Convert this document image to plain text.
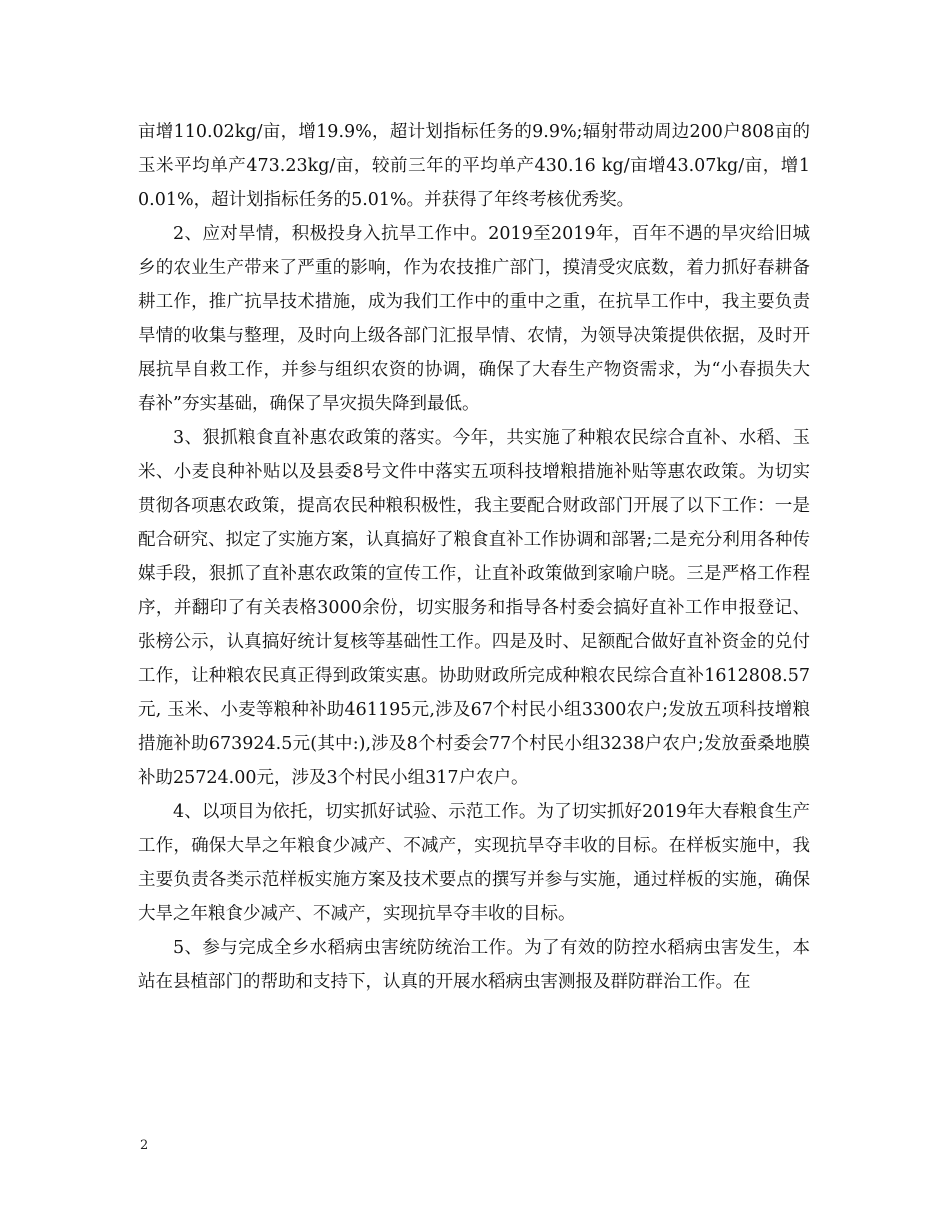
亩增110.02kg/亩，增19.9%，超计划指标任务的9.9%;辐射带动周边200户808亩的玉米平均单产473.23kg/亩，较前三年的平均单产430.16 kg/亩增43.07kg/亩，增10.01%，超计划指标任务的5.01%。并获得了年终考核优秀奖。

2、应对旱情，积极投身入抗旱工作中。2019至2019年，百年不遇的旱灾给旧城乡的农业生产带来了严重的影响，作为农技推广部门，摸清受灾底数，着力抓好春耕备耕工作，推广抗旱技术措施，成为我们工作中的重中之重，在抗旱工作中，我主要负责旱情的收集与整理，及时向上级各部门汇报旱情、农情，为领导决策提供依据，及时开展抗旱自救工作，并参与组织农资的协调，确保了大春生产物资需求，为“小春损失大春补”夯实基础，确保了旱灾损失降到最低。

3、狠抓粮食直补惠农政策的落实。今年，共实施了种粮农民综合直补、水稻、玉米、小麦良种补贴以及县委8号文件中落实五项科技增粮措施补贴等惠农政策。为切实贯彻各项惠农政策，提高农民种粮积极性，我主要配合财政部门开展了以下工作：一是配合研究、拟定了实施方案，认真搞好了粮食直补工作协调和部署;二是充分利用各种传媒手段，狠抓了直补惠农政策的宣传工作，让直补政策做到家喻户晓。三是严格工作程序，并翻印了有关表格3000余份，切实服务和指导各村委会搞好直补工作申报登记、张榜公示，认真搞好统计复核等基础性工作。四是及时、足额配合做好直补资金的兑付工作，让种粮农民真正得到政策实惠。协助财政所完成种粮农民综合直补1612808.57元, 玉米、小麦等粮种补助461195元,涉及67个村民小组3300农户;发放五项科技增粮措施补助673924.5元(其中:),涉及8个村委会77个村民小组3238户农户;发放蚕桑地膜补助25724.00元，涉及3个村民小组317户农户。

4、以项目为依托，切实抓好试验、示范工作。为了切实抓好2019年大春粮食生产工作，确保大旱之年粮食少减产、不减产，实现抗旱夺丰收的目标。在样板实施中，我主要负责各类示范样板实施方案及技术要点的撰写并参与实施，通过样板的实施，确保大旱之年粮食少减产、不减产，实现抗旱夺丰收的目标。

5、参与完成全乡水稻病虫害统防统治工作。为了有效的防控水稻病虫害发生，本站在县植部门的帮助和支持下，认真的开展水稻病虫害测报及群防群治工作。在

2
